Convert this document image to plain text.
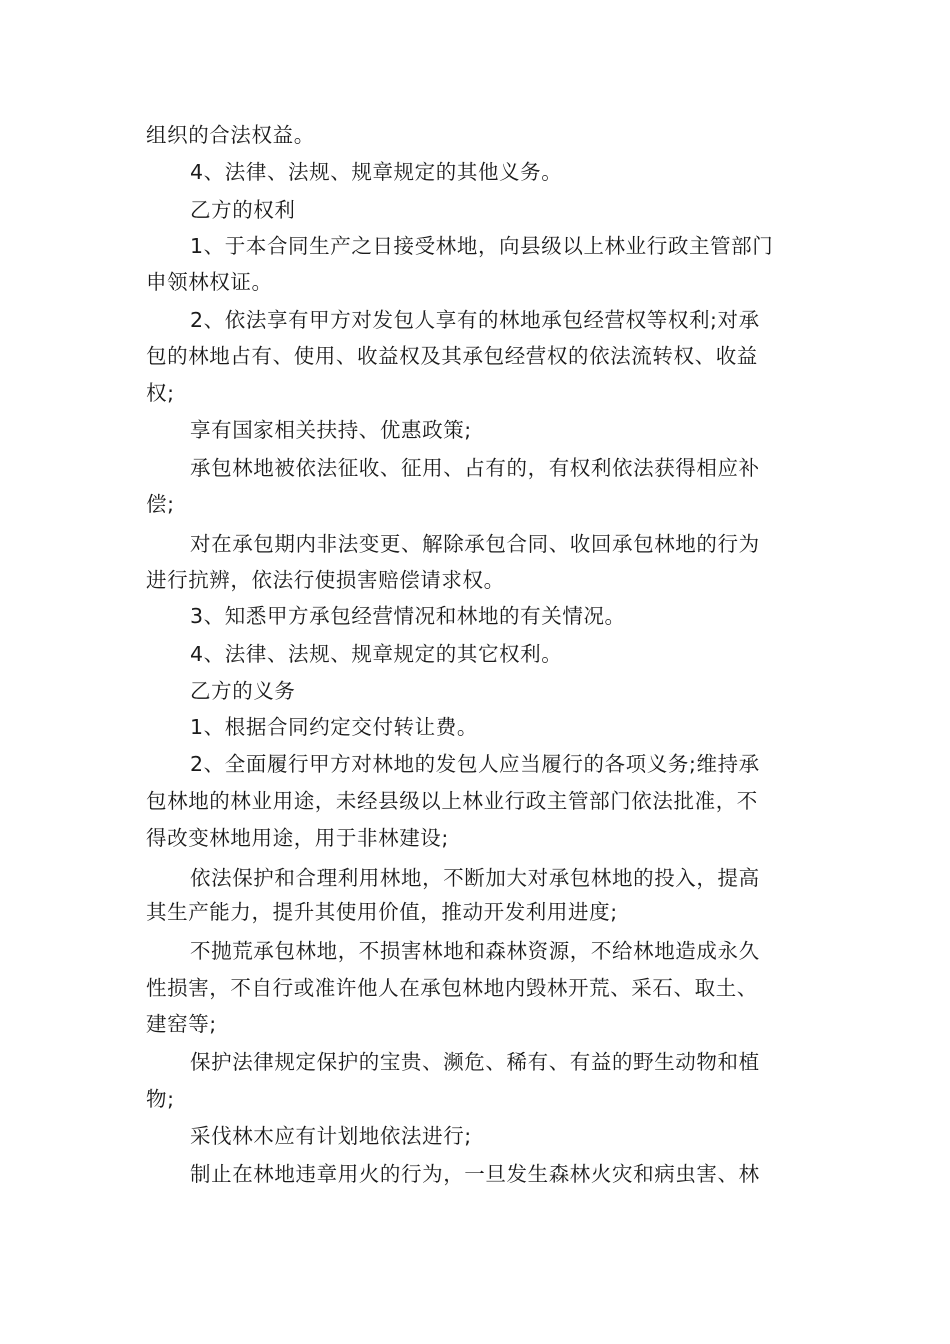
组织的合法权益。
4、法律、法规、规章规定的其他义务。
乙方的权利
1、于本合同生产之日接受林地，向县级以上林业行政主管部门
申领林权证。
2、依法享有甲方对发包人享有的林地承包经营权等权利;对承
包的林地占有、使用、收益权及其承包经营权的依法流转权、收益
权;
享有国家相关扶持、优惠政策;
承包林地被依法征收、征用、占有的，有权利依法获得相应补
偿;
对在承包期内非法变更、解除承包合同、收回承包林地的行为
进行抗辨，依法行使损害赔偿请求权。
3、知悉甲方承包经营情况和林地的有关情况。
4、法律、法规、规章规定的其它权利。
乙方的义务
1、根据合同约定交付转让费。
2、全面履行甲方对林地的发包人应当履行的各项义务;维持承
包林地的林业用途，未经县级以上林业行政主管部门依法批准，不
得改变林地用途，用于非林建设;
依法保护和合理利用林地，不断加大对承包林地的投入，提高
其生产能力，提升其使用价值，推动开发利用进度;
不抛荒承包林地，不损害林地和森林资源，不给林地造成永久
性损害，不自行或准许他人在承包林地内毁林开荒、采石、取土、
建窑等;
保护法律规定保护的宝贵、濒危、稀有、有益的野生动物和植
物;
采伐林木应有计划地依法进行;
制止在林地违章用火的行为，一旦发生森林火灾和病虫害、林
